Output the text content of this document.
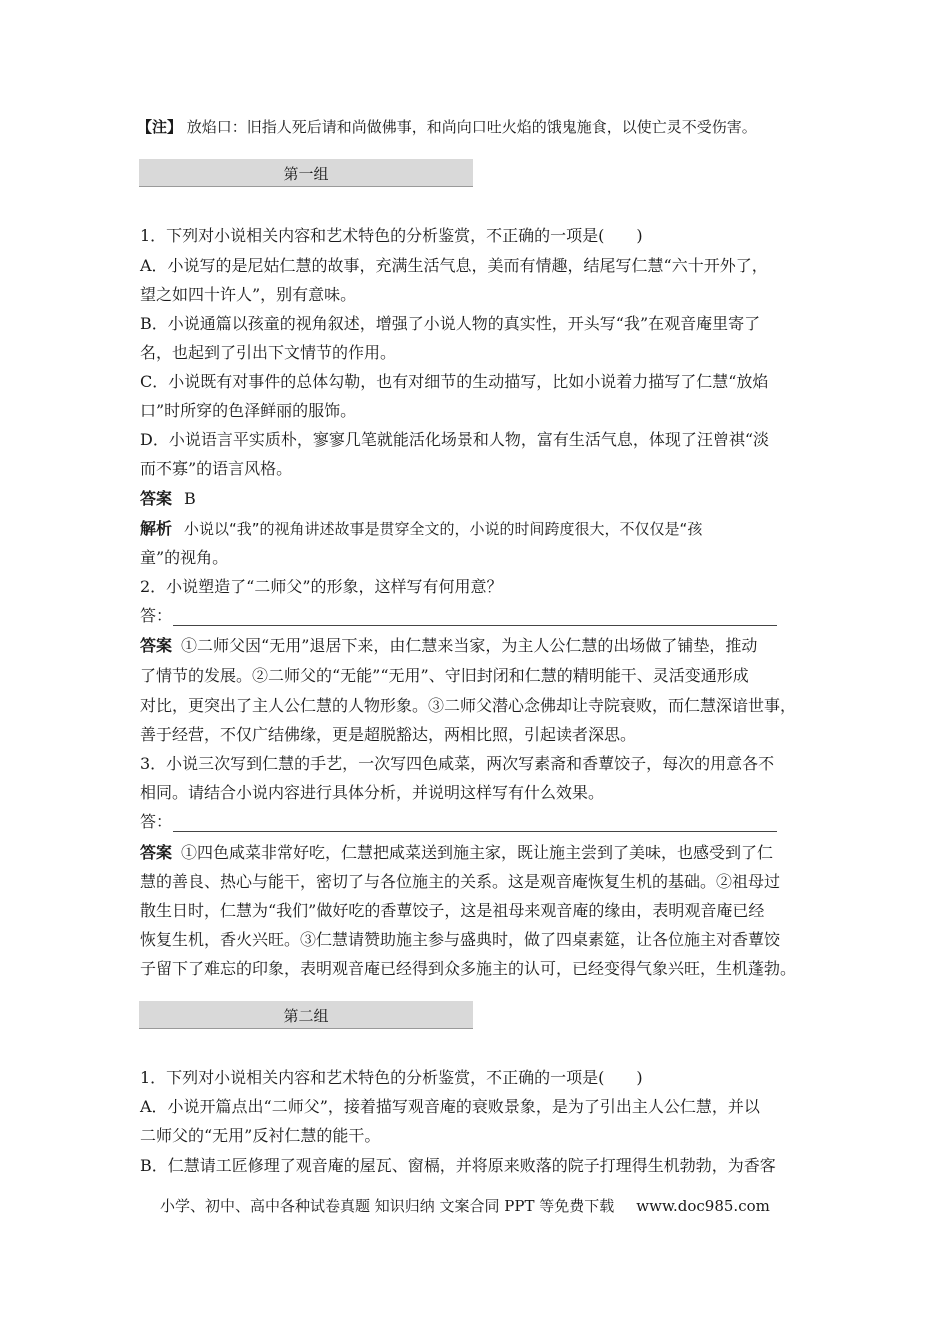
【注】 放焰口：旧指人死后请和尚做佛事，和尚向口吐火焰的饿鬼施食，以使亡灵不受伤害。
第一组
1．下列对小说相关内容和艺术特色的分析鉴赏，不正确的一项是(　　)
A．小说写的是尼姑仁慧的故事，充满生活气息，美而有情趣，结尾写仁慧“六十开外了，
望之如四十许人”，别有意味。
B．小说通篇以孩童的视角叙述，增强了小说人物的真实性，开头写“我”在观音庵里寄了
名，也起到了引出下文情节的作用。
C．小说既有对事件的总体勾勒，也有对细节的生动描写，比如小说着力描写了仁慧“放焰
口”时所穿的色泽鲜丽的服饰。
D．小说语言平实质朴，寥寥几笔就能活化场景和人物，富有生活气息，体现了汪曾祺“淡
而不寡”的语言风格。
答案 B
解析 小说以“我”的视角讲述故事是贯穿全文的，小说的时间跨度很大，不仅仅是“孩
童”的视角。
2．小说塑造了“二师父”的形象，这样写有何用意？
答：
答案 ①二师父因“无用”退居下来，由仁慧来当家，为主人公仁慧的出场做了铺垫，推动
了情节的发展。②二师父的“无能”“无用”、守旧封闭和仁慧的精明能干、灵活变通形成
对比，更突出了主人公仁慧的人物形象。③二师父潜心念佛却让寺院衰败，而仁慧深谙世事，
善于经营，不仅广结佛缘，更是超脱豁达，两相比照，引起读者深思。
3．小说三次写到仁慧的手艺，一次写四色咸菜，两次写素斋和香蕈饺子，每次的用意各不
相同。请结合小说内容进行具体分析，并说明这样写有什么效果。
答：
答案 ①四色咸菜非常好吃，仁慧把咸菜送到施主家，既让施主尝到了美味，也感受到了仁
慧的善良、热心与能干，密切了与各位施主的关系。这是观音庵恢复生机的基础。②祖母过
散生日时，仁慧为“我们”做好吃的香蕈饺子，这是祖母来观音庵的缘由，表明观音庵已经
恢复生机，香火兴旺。③仁慧请赞助施主参与盛典时，做了四桌素筵，让各位施主对香蕈饺
子留下了难忘的印象，表明观音庵已经得到众多施主的认可，已经变得气象兴旺，生机蓬勃。
第二组
1．下列对小说相关内容和艺术特色的分析鉴赏，不正确的一项是(　　)
A．小说开篇点出“二师父”，接着描写观音庵的衰败景象，是为了引出主人公仁慧，并以
二师父的“无用”反衬仁慧的能干。
B．仁慧请工匠修理了观音庵的屋瓦、窗槅，并将原来败落的院子打理得生机勃勃，为香客
小学、初中、高中各种试卷真题 知识归纳 文案合同 PPT 等免费下载 www.doc985.com
